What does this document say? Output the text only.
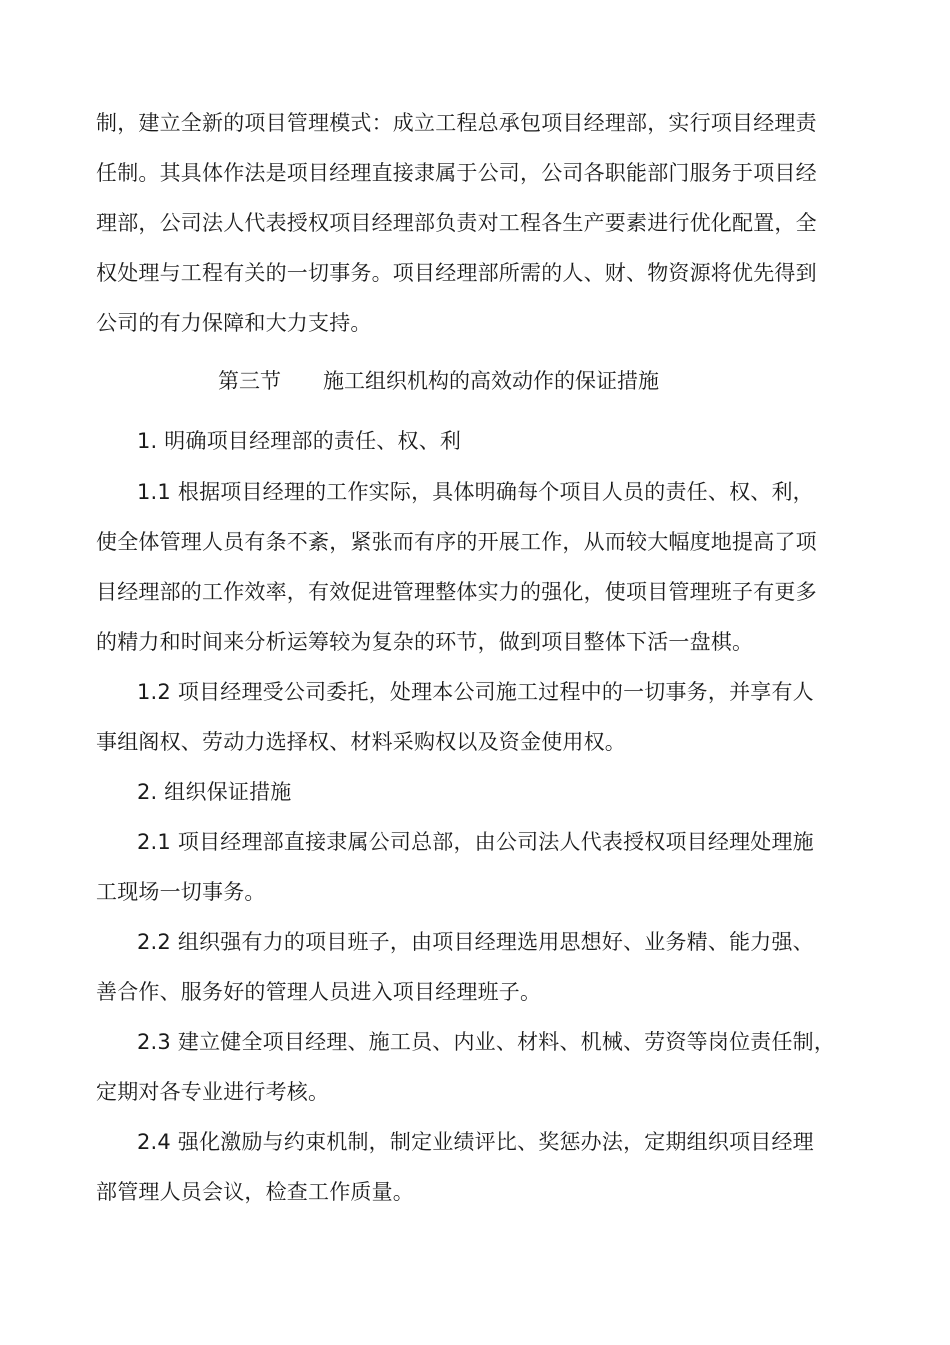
制，建立全新的项目管理模式：成立工程总承包项目经理部，实行项目经理责
任制。其具体作法是项目经理直接隶属于公司，公司各职能部门服务于项目经
理部，公司法人代表授权项目经理部负责对工程各生产要素进行优化配置，全
权处理与工程有关的一切事务。项目经理部所需的人、财、物资源将优先得到
公司的有力保障和大力支持。
第三节 施工组织机构的高效动作的保证措施
1. 明确项目经理部的责任、权、利
1.1 根据项目经理的工作实际，具体明确每个项目人员的责任、权、利，
使全体管理人员有条不紊，紧张而有序的开展工作，从而较大幅度地提高了项
目经理部的工作效率，有效促进管理整体实力的强化，使项目管理班子有更多
的精力和时间来分析运筹较为复杂的环节，做到项目整体下活一盘棋。
1.2 项目经理受公司委托，处理本公司施工过程中的一切事务，并享有人
事组阁权、劳动力选择权、材料采购权以及资金使用权。
2. 组织保证措施
2.1 项目经理部直接隶属公司总部，由公司法人代表授权项目经理处理施
工现场一切事务。
2.2 组织强有力的项目班子，由项目经理选用思想好、业务精、能力强、
善合作、服务好的管理人员进入项目经理班子。
2.3 建立健全项目经理、施工员、内业、材料、机械、劳资等岗位责任制，
定期对各专业进行考核。
2.4 强化激励与约束机制，制定业绩评比、奖惩办法，定期组织项目经理
部管理人员会议，检查工作质量。
